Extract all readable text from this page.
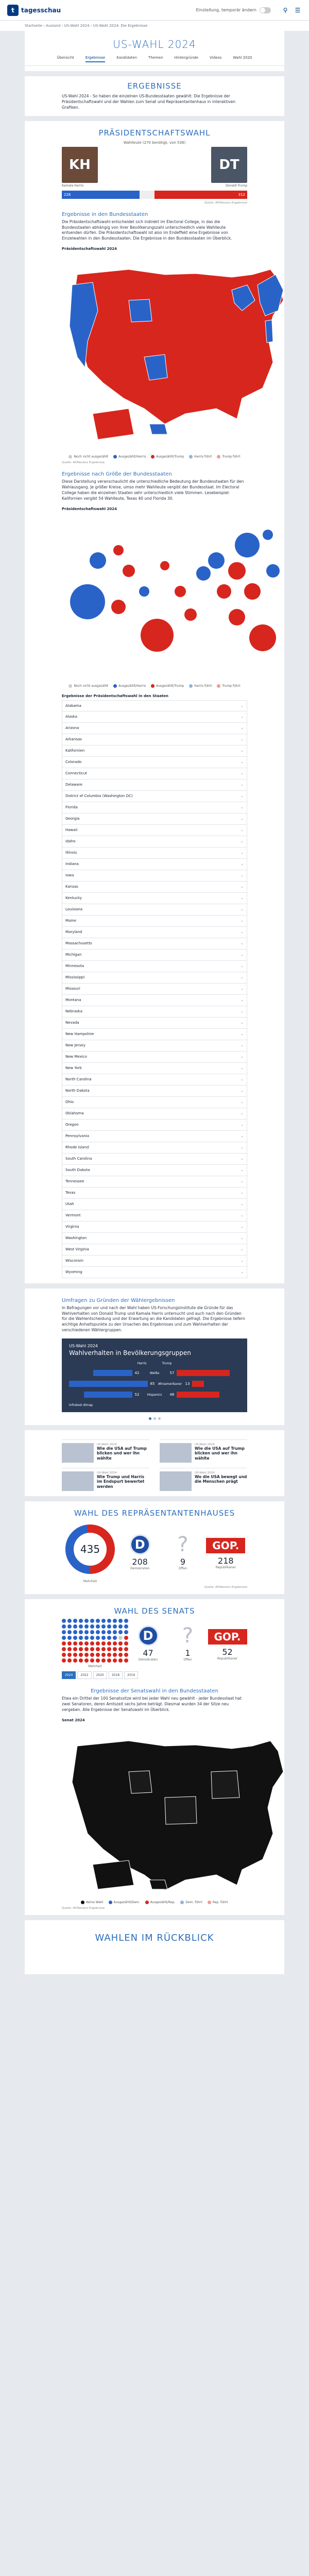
t	tagesschau	Einstellung, temporär ändern	⚲	☰
Startseite › Ausland › US-Wahl 2024 › US-Wahl 2024: Die Ergebnisse
US-WAHL 2024
Übersicht	Ergebnisse	Kandidaten	Themen	Hintergründe	Videos	Wahl 2020
ERGEBNISSE

US-Wahl 2024 - So haben die einzelnen US-Bundesstaaten gewählt: Die Ergebnisse der Präsidentschaftswahl und der Wahlen zum Senat und Repräsentantenhaus in interaktiven Grafiken.

PRÄSIDENTSCHAFTSWAHL
Wahlleute (270 benötigt, von 538)
KH
Kamala Harris
DT
Donald Trump
226	312
Quelle: AP/Reuters Ergebnisse
Ergebnisse in den Bundesstaaten

Die Präsidentschaftswahl entscheidet sich indirekt im Electoral College, in das die Bundesstaaten abhängig von ihrer Bevölkerungszahl unterschiedlich viele Wahlleute entsenden dürfen. Die Präsidentschaftswahl ist also im Endeffekt eine Ergebnisse von Einzelwahlen in den Bundesstaaten. Die Ergebnisse in den Bundesstaaten im Überblick.

Präsidentschaftswahl 2024
Noch nicht ausgezählt	Ausgezählt/Harris	Ausgezählt/Trump	Harris führt	Trump führt
Quelle: AP/Reuters Ergebnisse
Ergebnisse nach Größe der Bundesstaaten

Diese Darstellung veranschaulicht die unterschiedliche Bedeutung der Bundesstaaten für den Wahlausgang. Je größer Kreise, umso mehr Wahlleute vergibt der Bundesstaat. Im Electoral College haben die einzelnen Staaten sehr unterschiedlich viele Stimmen. Lesebeispiel: Kalifornien vergibt 54 Wahlleute, Texas 40 und Florida 30.

Präsidentschaftswahl 2024
Noch nicht ausgezählt	Ausgezählt/Harris	Ausgezählt/Trump	Harris führt	Trump führt
Ergebnisse der Präsidentschaftswahl in den Staaten
Alabama	⌄
Alaska	⌄
Arizona	⌄
Arkansas	⌄
Kalifornien	⌄
Colorado	⌄
Connecticut	⌄
Delaware	⌄
District of Columbia (Washington DC)	⌄
Florida	⌄
Georgia	⌄
Hawaii	⌄
Idaho	⌄
Illinois	⌄
Indiana	⌄
Iowa	⌄
Kansas	⌄
Kentucky	⌄
Louisiana	⌄
Maine	⌄
Maryland	⌄
Massachusetts	⌄
Michigan	⌄
Minnesota	⌄
Mississippi	⌄
Missouri	⌄
Montana	⌄
Nebraska	⌄
Nevada	⌄
New Hampshire	⌄
New Jersey	⌄
New Mexico	⌄
New York	⌄
North Carolina	⌄
North Dakota	⌄
Ohio	⌄
Oklahoma	⌄
Oregon	⌄
Pennsylvania	⌄
Rhode Island	⌄
South Carolina	⌄
South Dakota	⌄
Tennessee	⌄
Texas	⌄
Utah	⌄
Vermont	⌄
Virginia	⌄
Washington	⌄
West Virginia	⌄
Wisconsin	⌄
Wyoming	⌄
Umfragen zu Gründen der Wählergebnissen

In Befragungen vor und nach der Wahl haben US-Forschungsinstitute die Gründe für das Wahlverhalten von Donald Trump und Kamala Harris untersucht und auch nach den Gründen für die Wahlentscheidung und der Erwartung an die Kandidaten gefragt. Die Ergebnisse liefern wichtige Anhaltspunkte zu den Ursachen des Ergebnisses und zum Wahlverhalten der verschiedenen Wählergruppen.

US-Wahl 2024
Wahlverhalten in Bevölkerungsgruppen
Harris	Trump
42	Weiße	57
85	Afroamerikaner 13
52	Hispanics	46
Infratest dimap
US-Wahl 2024
Wie die USA auf Trump blicken und wer ihn wählte
US-Wahl 2024
Wie die USA auf Trump blicken und wer ihn wählte
US-Wahl 2024
Wie Trump und Harris im Endspurt bewertet werden
US-Wahl 2024
Wo die USA bewegt und die Menschen prägt
WAHL DES REPRÄSENTANTENHAUSES
435
Mehrheit
D
208
Demokraten
?
9
Offen
GOP.
218
Republikaner
Quelle: AP/Reuters Ergebnisse
WAHL DES SENATS
Mehrheit
D
47
Demokraten
?
1
Offen
GOP.
52
Republikaner
2024	2022	2020	2018	2016
Ergebnisse der Senatswahl in den Bundesstaaten

Etwa ein Drittel der 100 Senatssitze wird bei jeder Wahl neu gewählt - jeder Bundesstaat hat zwei Senatoren, deren Amtszeit sechs Jahre beträgt. Diesmal wurden 34 der Sitze neu vergeben. Alle Ergebnisse der Senatswahl im Überblick.

Senat 2024
Keine Wahl	Ausgezählt/Dem.	Ausgezählt/Rep.	Dem. führt	Rep. führt
Quelle: AP/Reuters Ergebnisse
WAHLEN IM RÜCKBLICK
